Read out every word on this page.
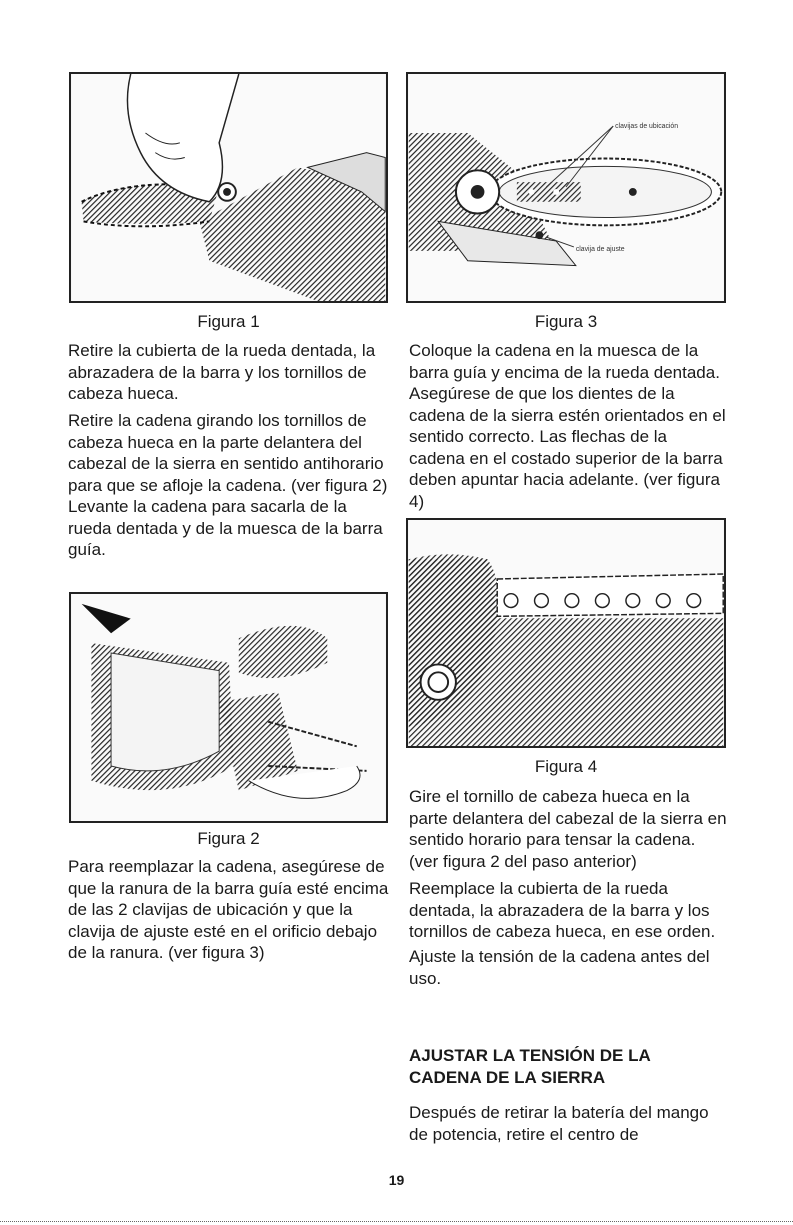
Figura 1

Retire la cubierta de la rueda dentada, la abrazadera de la barra y los tornillos de cabeza hueca.

Retire la cadena girando los tornillos de cabeza hueca en la parte delantera del cabezal de la sierra en sentido antihorario para que se afloje la cadena. (ver figura 2) Levante la cadena para sacarla de la rueda dentada y de la muesca de la barra guía.

Figura 2

Para reemplazar la cadena, asegúrese de que la ranura de la barra guía esté encima de las 2 clavijas de ubicación y que la clavija de ajuste esté en el orificio debajo de la ranura. (ver figura 3)

clavijas de ubicación
clavija de ajuste
Figura 3

Coloque la cadena en la muesca de la barra guía y encima de la rueda dentada. Asegúrese de que los dientes de la cadena de la sierra estén orientados en el sentido correcto. Las flechas de la cadena en el costado superior de la barra deben apuntar hacia adelante. (ver figura 4)

Figura 4

Gire el tornillo de cabeza hueca en la parte delantera del cabezal de la sierra en sentido horario para tensar la cadena. (ver figura 2 del paso anterior)

Reemplace la cubierta de la rueda dentada, la abrazadera de la barra y los tornillos de cabeza hueca, en ese orden.

Ajuste la tensión de la cadena antes del uso.

AJUSTAR LA TENSIÓN DE LA CADENA DE LA SIERRA

Después de retirar la batería del mango de potencia, retire el centro de

19
